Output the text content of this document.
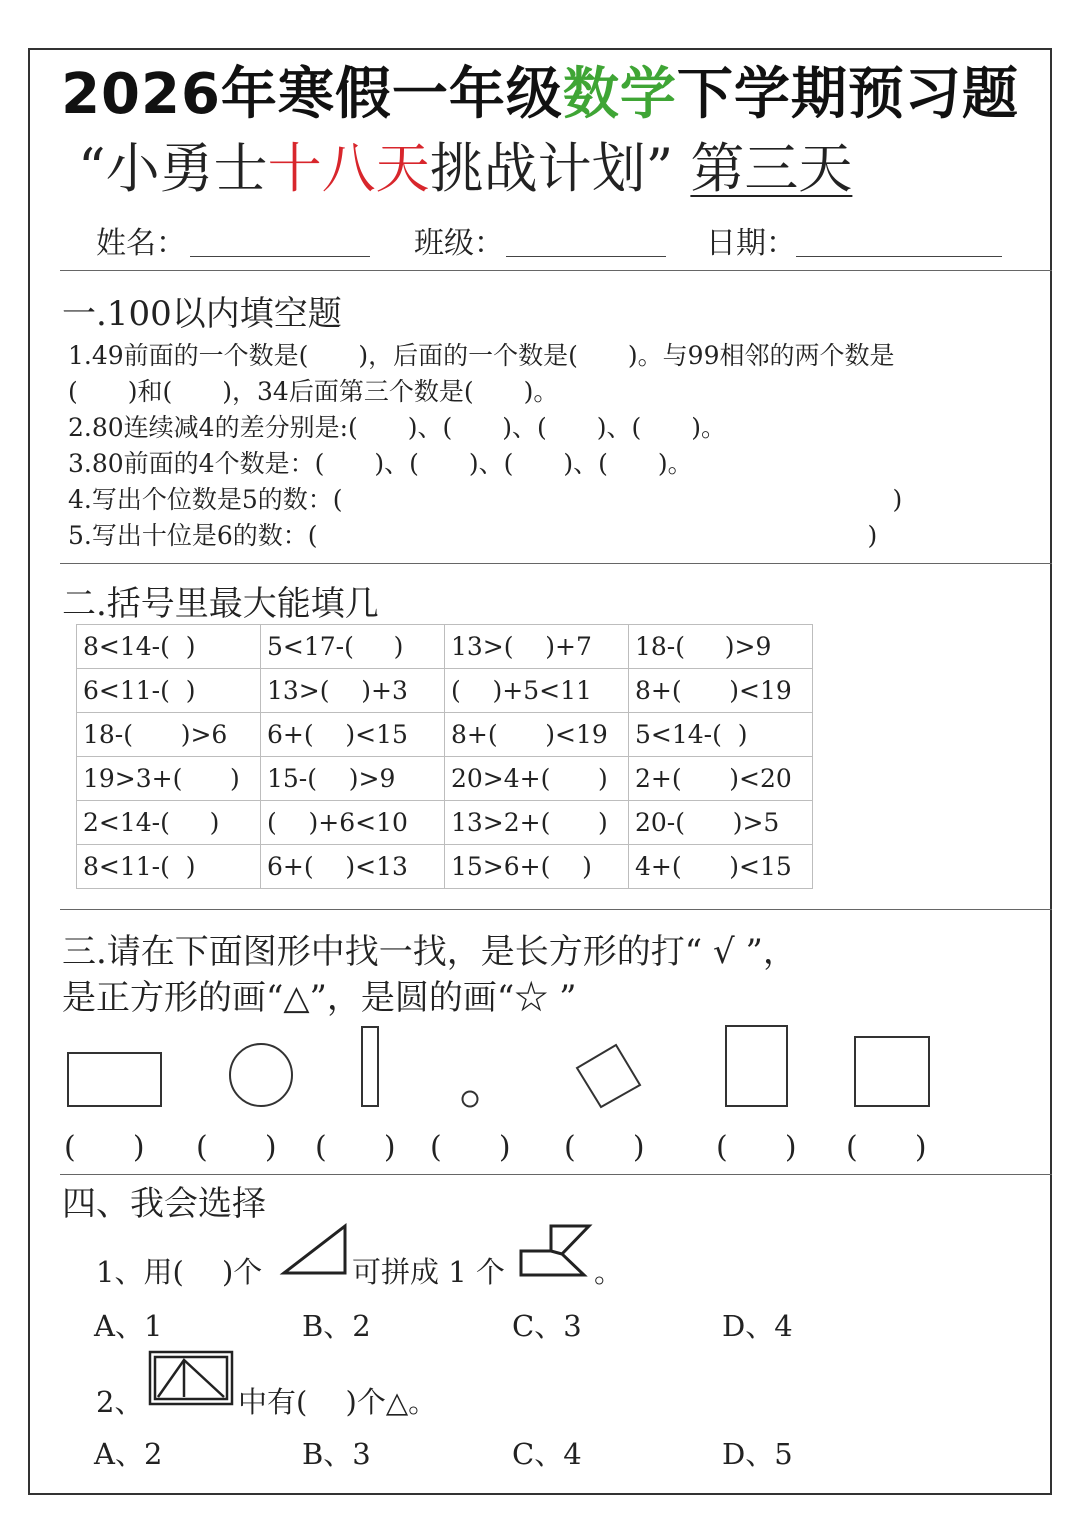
2026年寒假一年级数学下学期预习题
“小勇士十八天挑战计划” 第三天
姓名：	班级：	日期：
一.100以内填空题
1.49前面的一个数是(　　)，后面的一个数是(　　)。与99相邻的两个数是
(　　)和(　　)，34后面第三个数是(　　)。
2.80连续减4的差分别是:(　　)、(　　)、(　　)、(　　)。
3.80前面的4个数是：(　　)、(　　)、(　　)、(　　)。
4.写出个位数是5的数：(　　　　　　　　　　　　　　　　　　　　　　)
5.写出十位是6的数：(　　　　　　　　　　　　　　　　　　　　　　)
二.括号里最大能填几
8<14-(  )	5<17-(     )	13>(    )+7	18-(     )>9
6<11-(  )	13>(    )+3	(    )+5<11	8+(      )<19
18-(      )>6	6+(    )<15	8+(      )<19	5<14-(  )
19>3+(      )	15-(    )>9	20>4+(      )	2+(      )<20
2<14-(     )	(    )+6<10	13>2+(      )	20-(      )>5
8<11-(  )	6+(    )<13	15>6+(    )	4+(      )<15
三.请在下面图形中找一找，是长方形的打“ √ ”，
是正方形的画“△”，是圆的画“☆ ”
(      ) (      ) (      ) (      ) (      ) (      ) (      )
四、我会选择
1、用(　 )个	可拼成 1 个	。
A、1	B、2	C、3	D、4
2、	中有(　 )个△。
A、2	B、3	C、4	D、5
